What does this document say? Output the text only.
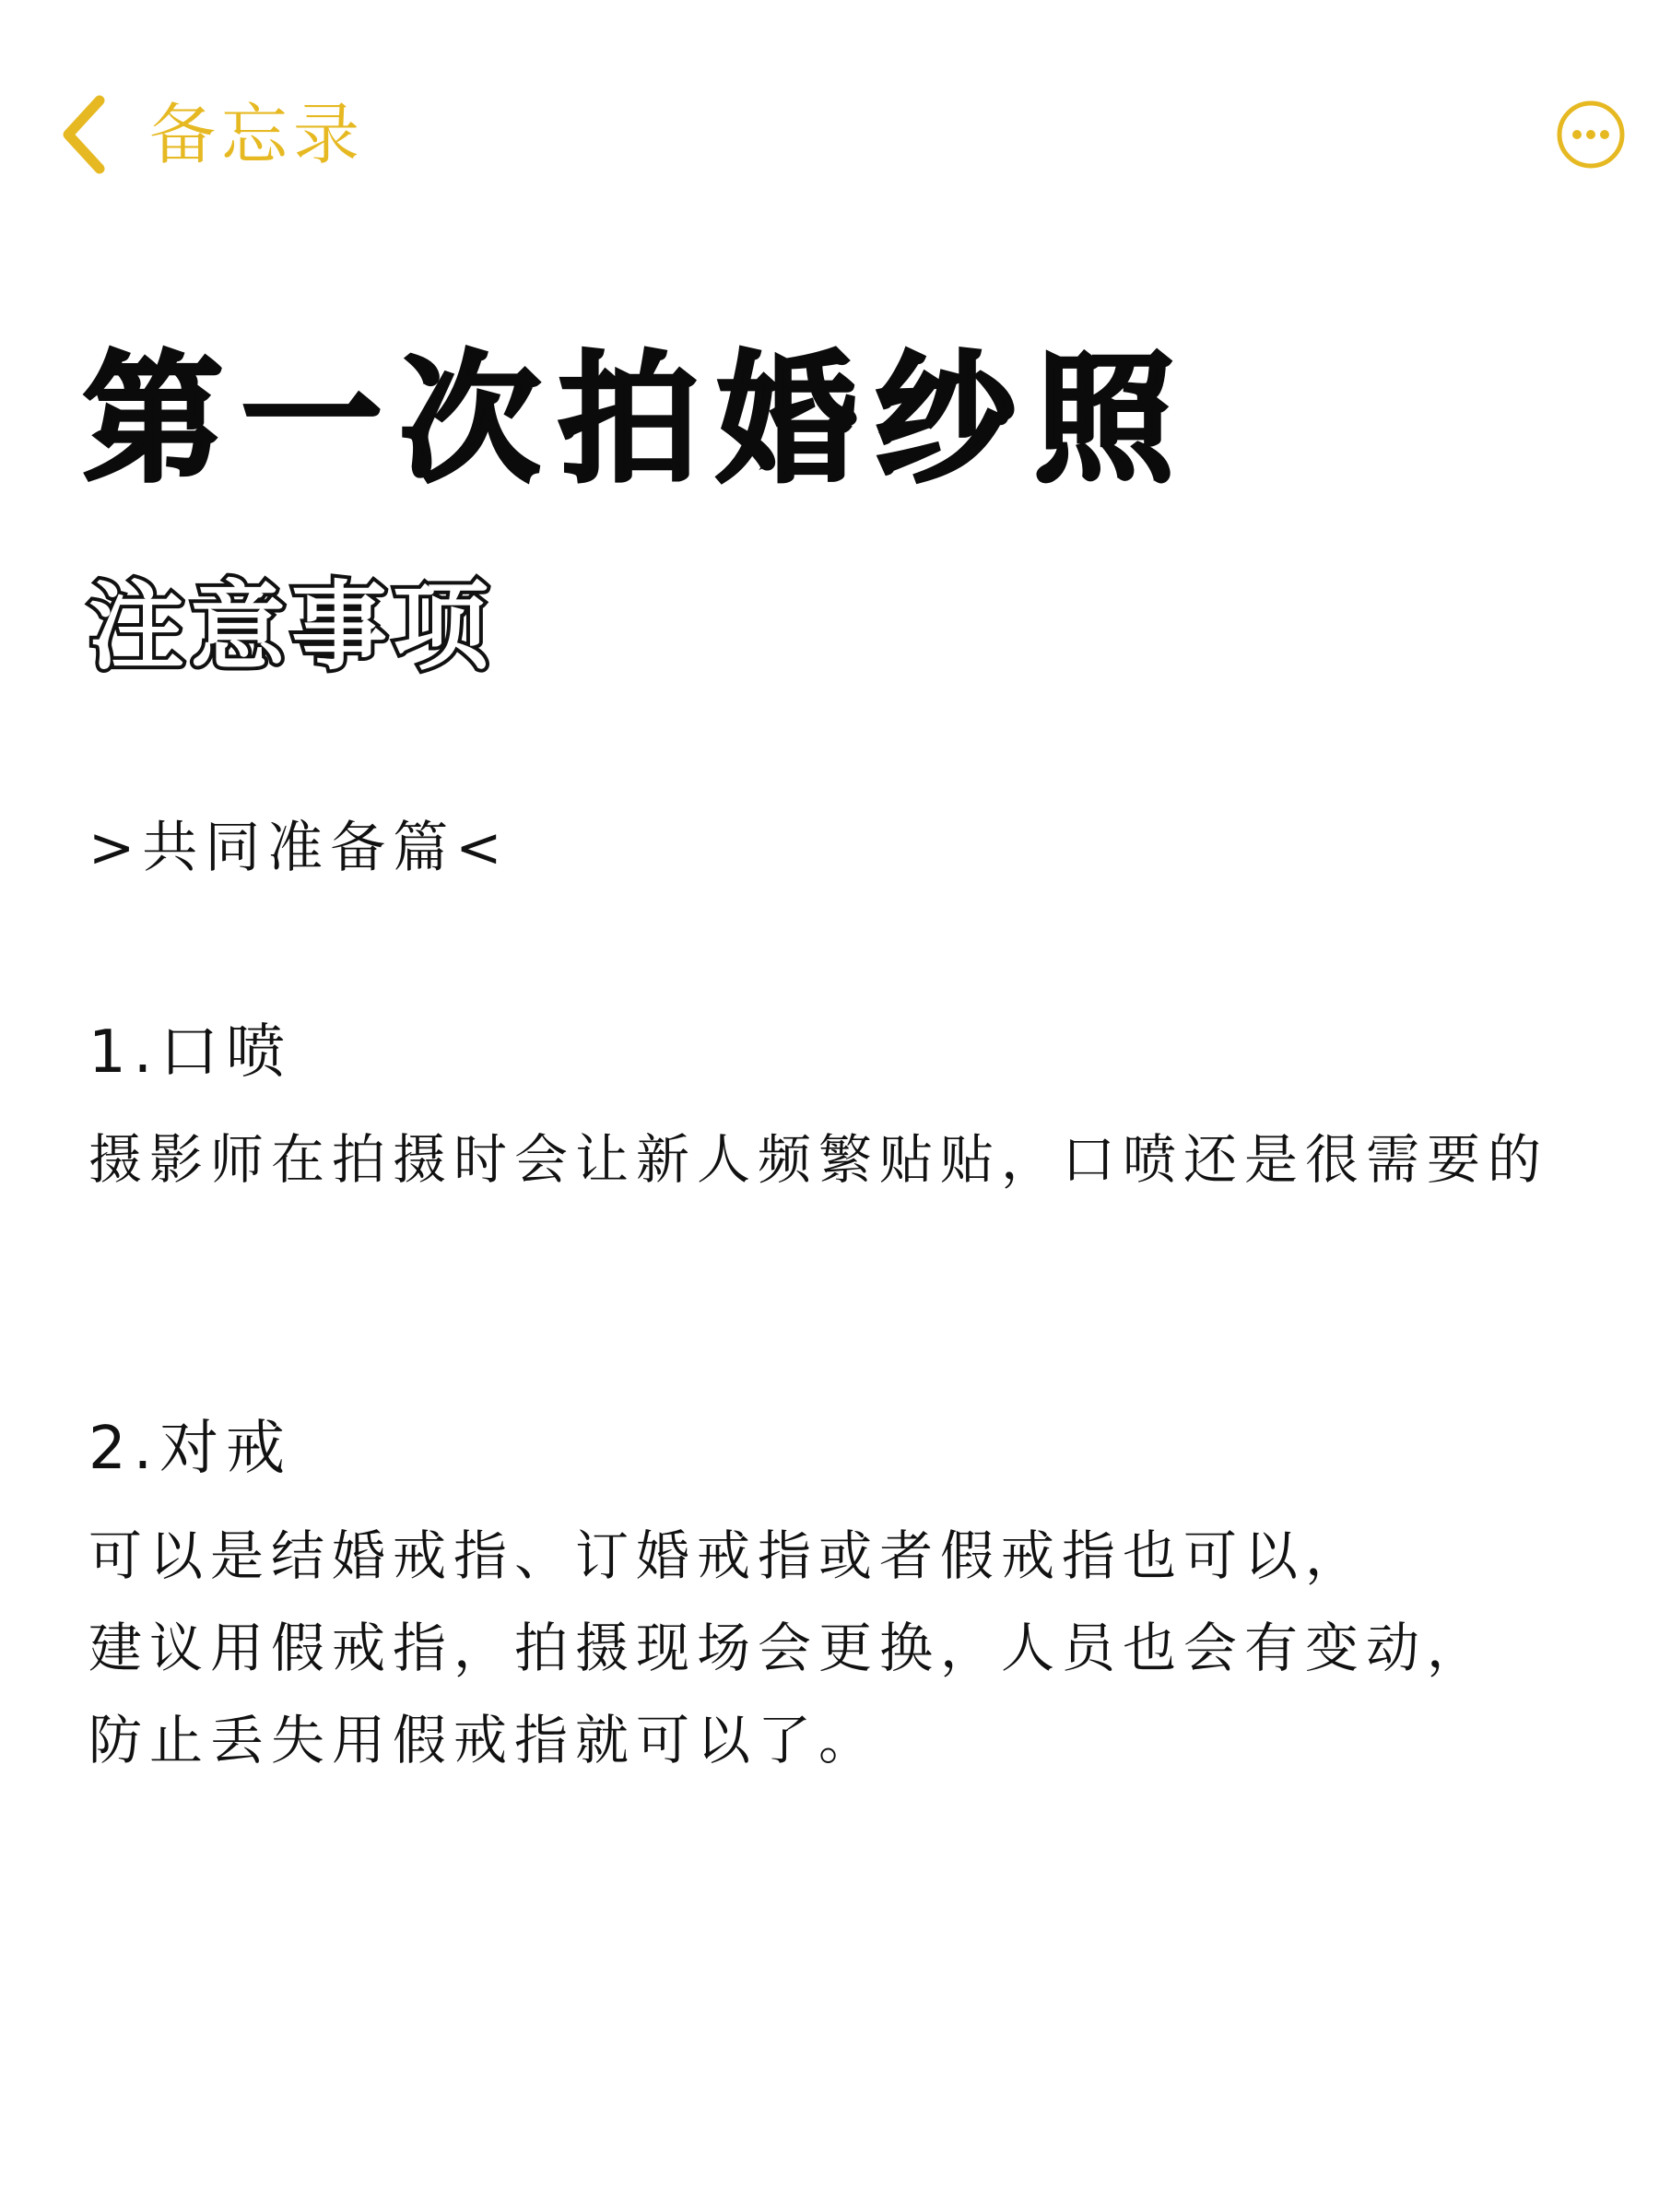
备忘录
第一次拍婚纱照
注意事项
>共同准备篇<
1.口喷
摄影师在拍摄时会让新人频繁贴贴，口喷还是很需要的
2.对戒
可以是结婚戒指、订婚戒指或者假戒指也可以，
建议用假戒指，拍摄现场会更换，人员也会有变动，
防止丢失用假戒指就可以了。
